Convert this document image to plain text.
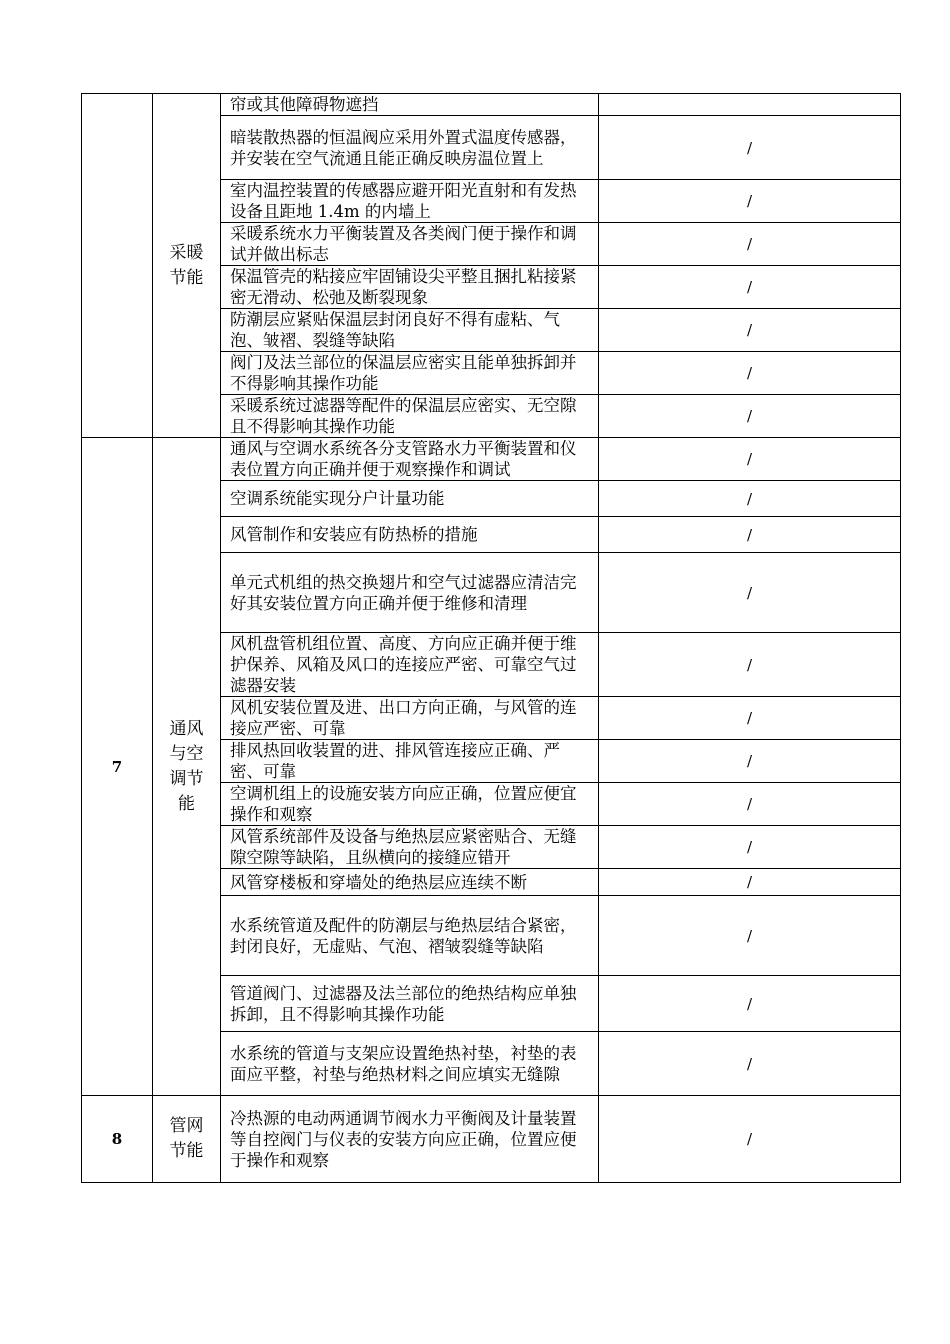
	采暖节能	帘或其他障碍物遮挡	

		暗装散热器的恒温阀应采用外置式温度传感器，并安装在空气流通且能正确反映房温位置上	/

		室内温控装置的传感器应避开阳光直射和有发热设备且距地 1.4m 的内墙上	/

		采暖系统水力平衡装置及各类阀门便于操作和调试并做出标志	/

		保温管壳的粘接应牢固铺设尖平整且捆扎粘接紧密无滑动、松弛及断裂现象	/

		防潮层应紧贴保温层封闭良好不得有虚粘、气泡、皱褶、裂缝等缺陷	/

		阀门及法兰部位的保温层应密实且能单独拆卸并不得影响其操作功能	/

		采暖系统过滤器等配件的保温层应密实、无空隙且不得影响其操作功能	/
7	通风与空调节能	通风与空调水系统各分支管路水力平衡装置和仪表位置方向正确并便于观察操作和调试	/

		空调系统能实现分户计量功能	/

		风管制作和安装应有防热桥的措施	/

		单元式机组的热交换翅片和空气过滤器应清洁完好其安装位置方向正确并便于维修和清理	/

		风机盘管机组位置、高度、方向应正确并便于维护保养、风箱及风口的连接应严密、可靠空气过滤器安装	/

		风机安装位置及进、出口方向正确，与风管的连接应严密、可靠	/

		排风热回收装置的进、排风管连接应正确、严密、可靠	/

		空调机组上的设施安装方向应正确，位置应便宜操作和观察	/

		风管系统部件及设备与绝热层应紧密贴合、无缝隙空隙等缺陷，且纵横向的接缝应错开	/

		风管穿楼板和穿墙处的绝热层应连续不断	/

		水系统管道及配件的防潮层与绝热层结合紧密，封闭良好，无虚贴、气泡、褶皱裂缝等缺陷	/

		管道阀门、过滤器及法兰部位的绝热结构应单独拆卸，且不得影响其操作功能	/

		水系统的管道与支架应设置绝热衬垫，衬垫的表面应平整，衬垫与绝热材料之间应填实无缝隙	/
8	管网节能	冷热源的电动两通调节阀水力平衡阀及计量装置等自控阀门与仪表的安装方向应正确，位置应便于操作和观察	/
